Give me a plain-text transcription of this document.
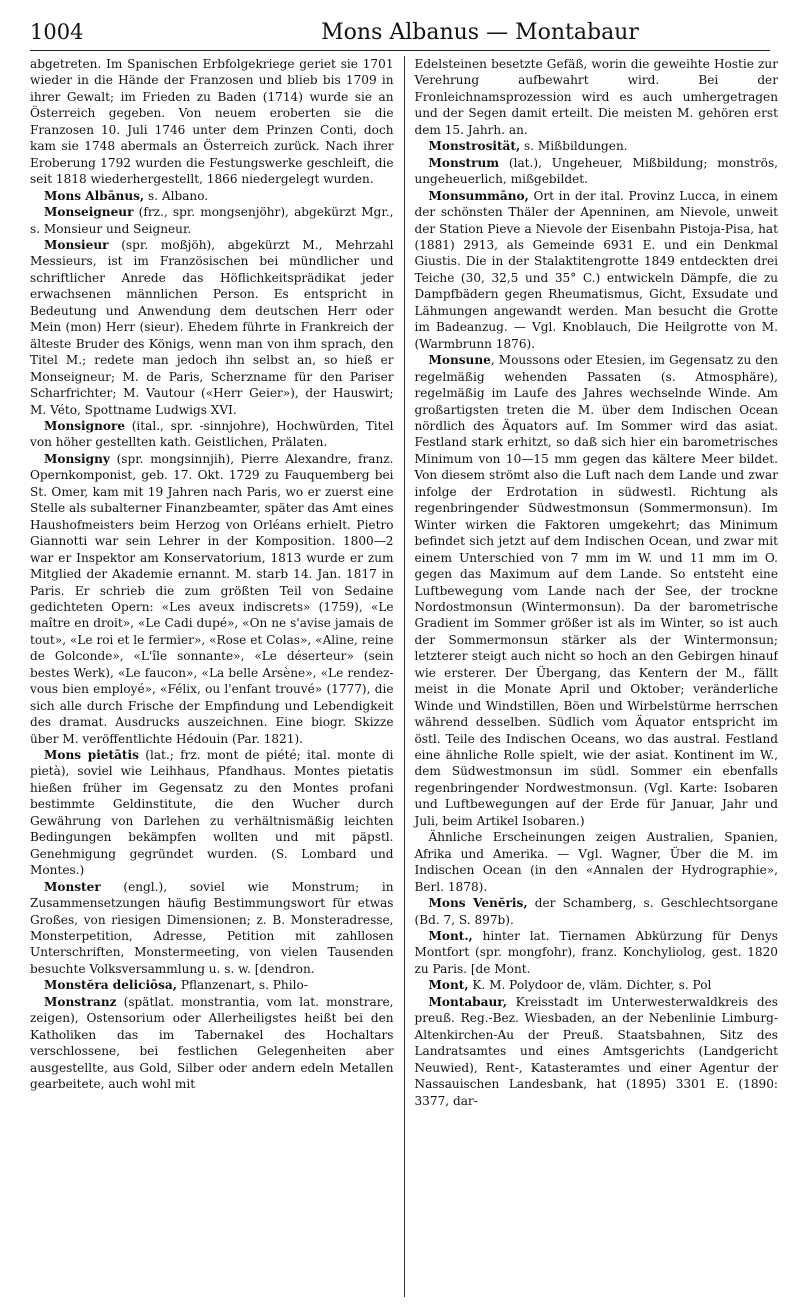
1004	Mons Albanus — Montabaur

abgetreten. Im Spanischen Erbfolgekriege geriet sie 1701 wieder in die Hände der Franzosen und blieb bis 1709 in ihrer Gewalt; im Frieden zu Baden (1714) wurde sie an Österreich gegeben. Von neuem eroberten sie die Franzosen 10. Juli 1746 unter dem Prinzen Conti, doch kam sie 1748 abermals an Österreich zurück. Nach ihrer Eroberung 1792 wurden die Festungswerke geschleift, die seit 1818 wiederhergestellt, 1866 niedergelegt wurden.

Mons Albānus, s. Albano.

Monseigneur (frz., spr. mongsenjöhr), abgekürzt Mgr., s. Monsieur und Seigneur.

Monsieur (spr. moßjöh), abgekürzt M., Mehrzahl Messieurs, ist im Französischen bei mündlicher und schriftlicher Anrede das Höflichkeitsprädikat jeder erwachsenen männlichen Person. Es entspricht in Bedeutung und Anwendung dem deutschen Herr oder Mein (mon) Herr (sieur). Ehedem führte in Frankreich der älteste Bruder des Königs, wenn man von ihm sprach, den Titel M.; redete man jedoch ihn selbst an, so hieß er Monseigneur; M. de Paris, Scherzname für den Pariser Scharfrichter; M. Vautour («Herr Geier»), der Hauswirt; M. Véto, Spottname Ludwigs XVI.

Monsignore (ital., spr. -sinnjohre), Hochwürden, Titel von höher gestellten kath. Geistlichen, Prälaten.

Monsigny (spr. mongsinnjih), Pierre Alexandre, franz. Opernkomponist, geb. 17. Okt. 1729 zu Fauquemberg bei St. Omer, kam mit 19 Jahren nach Paris, wo er zuerst eine Stelle als subalterner Finanzbeamter, später das Amt eines Haushofmeisters beim Herzog von Orléans erhielt. Pietro Giannotti war sein Lehrer in der Komposition. 1800—2 war er Inspektor am Konservatorium, 1813 wurde er zum Mitglied der Akademie ernannt. M. starb 14. Jan. 1817 in Paris. Er schrieb die zum größten Teil von Sedaine gedichteten Opern: «Les aveux indiscrets» (1759), «Le maître en droit», «Le Cadi dupé», «On ne s'avise jamais de tout», «Le roi et le fermier», «Rose et Colas», «Aline, reine de Golconde», «L'île sonnante», «Le déserteur» (sein bestes Werk), «Le faucon», «La belle Arsène», «Le rendez-vous bien employé», «Félix, ou l'enfant trouvé» (1777), die sich alle durch Frische der Empfindung und Lebendigkeit des dramat. Ausdrucks auszeichnen. Eine biogr. Skizze über M. veröffentlichte Hédouin (Par. 1821).

Mons pietātis (lat.; frz. mont de piété; ital. monte di pietà), soviel wie Leihhaus, Pfandhaus. Montes pietatis hießen früher im Gegensatz zu den Montes profani bestimmte Geldinstitute, die den Wucher durch Gewährung von Darlehen zu verhältnismäßig leichten Bedingungen bekämpfen wollten und mit päpstl. Genehmigung gegründet wurden. (S. Lombard und Montes.)

Monster (engl.), soviel wie Monstrum; in Zusammensetzungen häufig Bestimmungswort für etwas Großes, von riesigen Dimensionen; z. B. Monsteradresse, Monsterpetition, Adresse, Petition mit zahllosen Unterschriften, Monstermeeting, von vielen Tausenden besuchte Volksversammlung u. s. w. [dendron.

Monstĕra deliciōsa, Pflanzenart, s. Philo-

Monstranz (spätlat. monstrantia, vom lat. monstrare, zeigen), Ostensorium oder Allerheiligstes heißt bei den Katholiken das im Tabernakel des Hochaltars verschlossene, bei festlichen Gelegenheiten aber ausgestellte, aus Gold, Silber oder andern edeln Metallen gearbeitete, auch wohl mit

Edelsteinen besetzte Gefäß, worin die geweihte Hostie zur Verehrung aufbewahrt wird. Bei der Fronleichnamsprozession wird es auch umhergetragen und der Segen damit erteilt. Die meisten M. gehören erst dem 15. Jahrh. an.

Monstrosität, s. Mißbildungen.

Monstrum (lat.), Ungeheuer, Mißbildung; monströs, ungeheuerlich, mißgebildet.

Monsummāno, Ort in der ital. Provinz Lucca, in einem der schönsten Thäler der Apenninen, am Nievole, unweit der Station Pieve a Nievole der Eisenbahn Pistoja-Pisa, hat (1881) 2913, als Gemeinde 6931 E. und ein Denkmal Giustis. Die in der Stalaktitengrotte 1849 entdeckten drei Teiche (30, 32,5 und 35° C.) entwickeln Dämpfe, die zu Dampfbädern gegen Rheumatismus, Gicht, Exsudate und Lähmungen angewandt werden. Man besucht die Grotte im Badeanzug. — Vgl. Knoblauch, Die Heilgrotte von M. (Warmbrunn 1876).

Monsune, Moussons oder Etesien, im Gegensatz zu den regelmäßig wehenden Passaten (s. Atmosphäre), regelmäßig im Laufe des Jahres wechselnde Winde. Am großartigsten treten die M. über dem Indischen Ocean nördlich des Äquators auf. Im Sommer wird das asiat. Festland stark erhitzt, so daß sich hier ein barometrisches Minimum von 10—15 mm gegen das kältere Meer bildet. Von diesem strömt also die Luft nach dem Lande und zwar infolge der Erdrotation in südwestl. Richtung als regenbringender Südwestmonsun (Sommermonsun). Im Winter wirken die Faktoren umgekehrt; das Minimum befindet sich jetzt auf dem Indischen Ocean, und zwar mit einem Unterschied von 7 mm im W. und 11 mm im O. gegen das Maximum auf dem Lande. So entsteht eine Luftbewegung vom Lande nach der See, der trockne Nordostmonsun (Wintermonsun). Da der barometrische Gradient im Sommer größer ist als im Winter, so ist auch der Sommermonsun stärker als der Wintermonsun; letzterer steigt auch nicht so hoch an den Gebirgen hinauf wie ersterer. Der Übergang, das Kentern der M., fällt meist in die Monate April und Oktober; veränderliche Winde und Windstillen, Böen und Wirbelstürme herrschen während desselben. Südlich vom Äquator entspricht im östl. Teile des Indischen Oceans, wo das austral. Festland eine ähnliche Rolle spielt, wie der asiat. Kontinent im W., dem Südwestmonsun im südl. Sommer ein ebenfalls regenbringender Nordwestmonsun. (Vgl. Karte: Isobaren und Luftbewegungen auf der Erde für Januar, Jahr und Juli, beim Artikel Isobaren.)

Ähnliche Erscheinungen zeigen Australien, Spanien, Afrika und Amerika. — Vgl. Wagner, Über die M. im Indischen Ocean (in den «Annalen der Hydrographie», Berl. 1878).

Mons Venĕris, der Schamberg, s. Geschlechtsorgane (Bd. 7, S. 897b).

Mont., hinter lat. Tiernamen Abkürzung für Denys Montfort (spr. mongfohr), franz. Konchyliolog, gest. 1820 zu Paris. [de Mont.

Mont, K. M. Polydoor de, vläm. Dichter, s. Pol

Montabaur, Kreisstadt im Unterwesterwaldkreis des preuß. Reg.-Bez. Wiesbaden, an der Nebenlinie Limburg-Altenkirchen-Au der Preuß. Staatsbahnen, Sitz des Landratsamtes und eines Amtsgerichts (Landgericht Neuwied), Rent-, Katasteramtes und einer Agentur der Nassauischen Landesbank, hat (1895) 3301 E. (1890: 3377, dar-
